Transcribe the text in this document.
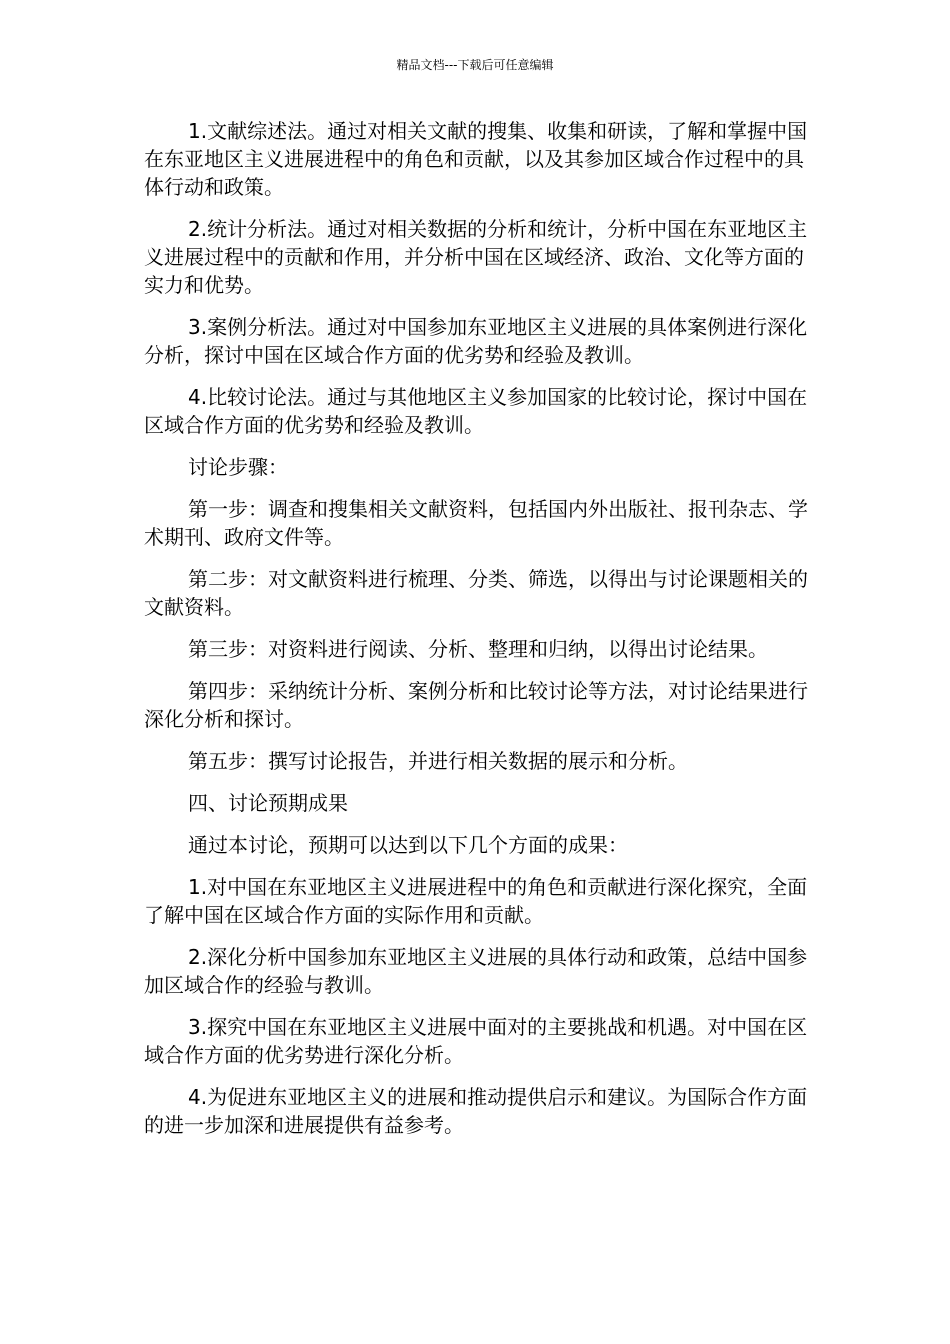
精品文档---下载后可任意编辑

1.文献综述法。通过对相关文献的搜集、收集和研读，了解和掌握中国在东亚地区主义进展进程中的角色和贡献，以及其参加区域合作过程中的具体行动和政策。

2.统计分析法。通过对相关数据的分析和统计，分析中国在东亚地区主义进展过程中的贡献和作用，并分析中国在区域经济、政治、文化等方面的实力和优势。

3.案例分析法。通过对中国参加东亚地区主义进展的具体案例进行深化分析，探讨中国在区域合作方面的优劣势和经验及教训。

4.比较讨论法。通过与其他地区主义参加国家的比较讨论，探讨中国在区域合作方面的优劣势和经验及教训。

讨论步骤：

第一步：调查和搜集相关文献资料，包括国内外出版社、报刊杂志、学术期刊、政府文件等。

第二步：对文献资料进行梳理、分类、筛选，以得出与讨论课题相关的文献资料。

第三步：对资料进行阅读、分析、整理和归纳，以得出讨论结果。

第四步：采纳统计分析、案例分析和比较讨论等方法，对讨论结果进行深化分析和探讨。

第五步：撰写讨论报告，并进行相关数据的展示和分析。

四、讨论预期成果

通过本讨论，预期可以达到以下几个方面的成果：

1.对中国在东亚地区主义进展进程中的角色和贡献进行深化探究，全面了解中国在区域合作方面的实际作用和贡献。

2.深化分析中国参加东亚地区主义进展的具体行动和政策，总结中国参加区域合作的经验与教训。

3.探究中国在东亚地区主义进展中面对的主要挑战和机遇。对中国在区域合作方面的优劣势进行深化分析。

4.为促进东亚地区主义的进展和推动提供启示和建议。为国际合作方面的进一步加深和进展提供有益参考。
